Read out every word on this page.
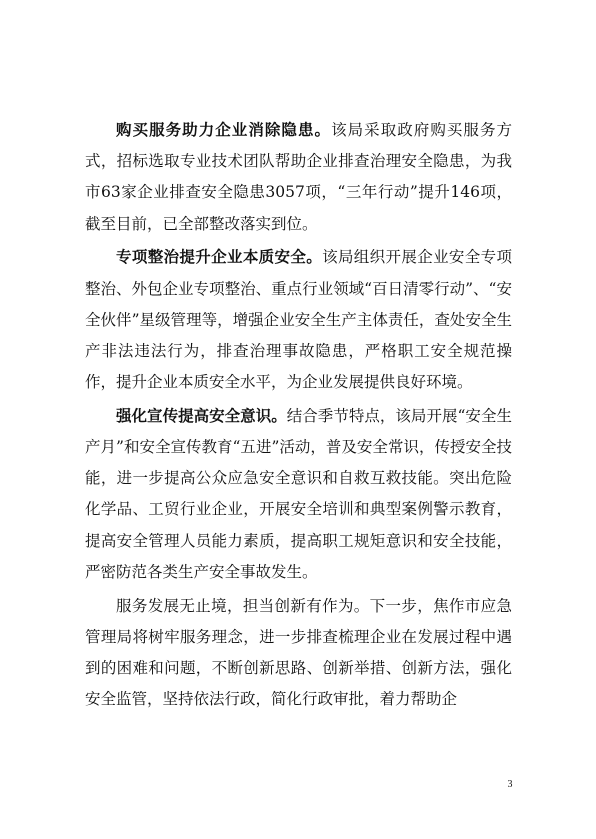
购买服务助力企业消除隐患。该局采取政府购买服务方式，招标选取专业技术团队帮助企业排查治理安全隐患，为我市63家企业排查安全隐患3057项，“三年行动”提升146项，截至目前，已全部整改落实到位。

专项整治提升企业本质安全。该局组织开展企业安全专项整治、外包企业专项整治、重点行业领域“百日清零行动”、“安全伙伴”星级管理等，增强企业安全生产主体责任，查处安全生产非法违法行为，排查治理事故隐患，严格职工安全规范操作，提升企业本质安全水平，为企业发展提供良好环境。

强化宣传提高安全意识。结合季节特点，该局开展“安全生产月”和安全宣传教育“五进”活动，普及安全常识，传授安全技能，进一步提高公众应急安全意识和自救互救技能。突出危险化学品、工贸行业企业，开展安全培训和典型案例警示教育，提高安全管理人员能力素质，提高职工规矩意识和安全技能，严密防范各类生产安全事故发生。

服务发展无止境，担当创新有作为。下一步，焦作市应急管理局将树牢服务理念，进一步排查梳理企业在发展过程中遇到的困难和问题，不断创新思路、创新举措、创新方法，强化安全监管，坚持依法行政，简化行政审批，着力帮助企

3
